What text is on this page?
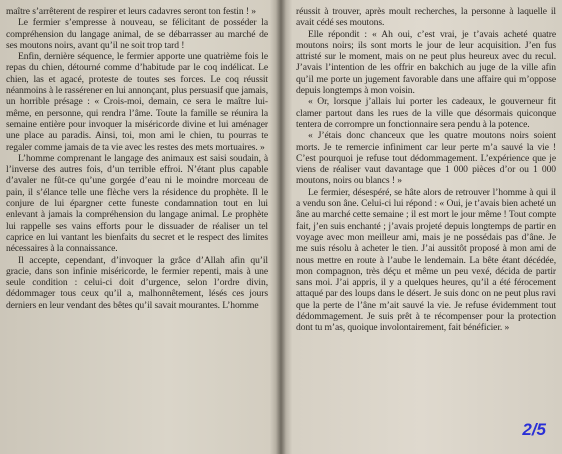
maître s’arrêterent de respirer et leurs cadavres seront ton festin ! »

Le fermier s’empresse à nouveau, se félicitant de posséder la compréhension du langage animal, de se débarrasser au marché de ses moutons noirs, avant qu’il ne soit trop tard !

Enfin, dernière séquence, le fermier apporte une quatrième fois le repas du chien, détourné comme d’habitude par le coq indélicat. Le chien, las et agacé, proteste de toutes ses forces. Le coq réussit néanmoins à le rassérener en lui annonçant, plus persuasif que jamais, un horrible présage : « Crois-moi, demain, ce sera le maître lui-même, en personne, qui rendra l’âme. Toute la famille se réunira la semaine entière pour invoquer la miséricorde divine et lui aménager une place au paradis. Ainsi, toi, mon ami le chien, tu pourras te regaler comme jamais de ta vie avec les restes des mets mortuaires. »

L’homme comprenant le langage des animaux est saisi soudain, à l’inverse des autres fois, d’un terrible effroi. N’étant plus capable d’avaler ne fût-ce qu’une gorgée d’eau ni le moindre morceau de pain, il s’élance telle une flèche vers la résidence du prophète. Il le conjure de lui épargner cette funeste condamnation tout en lui enlevant à jamais la compréhension du langage animal. Le prophète lui rappelle ses vains efforts pour le dissuader de réaliser un tel caprice en lui vantant les bienfaits du secret et le respect des limites nécessaires à la connaissance.

Il accepte, cependant, d’invoquer la grâce d’Allah afin qu’il gracie, dans son infinie miséricorde, le fermier repenti, mais à une seule condition : celui-ci doit d’urgence, selon l’ordre divin, dédommager tous ceux qu’il a, malhonnêtement, lésés ces jours derniers en leur vendant des bêtes qu’il savait mourantes. L’homme

réussit à trouver, après moult recherches, la personne à laquelle il avait cédé ses moutons.

Elle répondit : « Ah oui, c’est vrai, je t’avais acheté quatre moutons noirs; ils sont morts le jour de leur acquisition. J’en fus attristé sur le moment, mais on ne peut plus heureux avec du recul. J’avais l’intention de les offrir en bakchich au juge de la ville afin qu’il me porte un jugement favorable dans une affaire qui m’oppose depuis longtemps à mon voisin.

« Or, lorsque j’allais lui porter les cadeaux, le gouverneur fit clamer partout dans les rues de la ville que désormais quiconque tentera de corrompre un fonctionnaire sera pendu à la potence.

« J’étais donc chanceux que les quatre moutons noirs soient morts. Je te remercie infiniment car leur perte m’a sauvé la vie ! C’est pourquoi je refuse tout dédommagement. L’expérience que je viens de réaliser vaut davantage que 1 000 pièces d’or ou 1 000 moutons, noirs ou blancs ! »

Le fermier, désespéré, se hâte alors de retrouver l’homme à qui il a vendu son âne. Celui-ci lui répond : « Oui, je t’avais bien acheté un âne au marché cette semaine ; il est mort le jour même ! Tout compte fait, j’en suis enchanté ; j’avais projeté depuis longtemps de partir en voyage avec mon meilleur ami, mais je ne possédais pas d’âne. Je me suis résolu à acheter le tien. J’ai aussitôt proposé à mon ami de nous mettre en route à l’aube le lendemain. La bête étant décédée, mon compagnon, très déçu et même un peu vexé, décida de partir sans moi. J’ai appris, il y a quelques heures, qu’il a été férocement attaqué par des loups dans le désert. Je suis donc on ne peut plus ravi que la perte de l’âne m’ait sauvé la vie. Je refuse évidemment tout dédommagement. Je suis prêt à te récompenser pour la protection dont tu m’as, quoique involontairement, fait bénéficier. »

2/5
